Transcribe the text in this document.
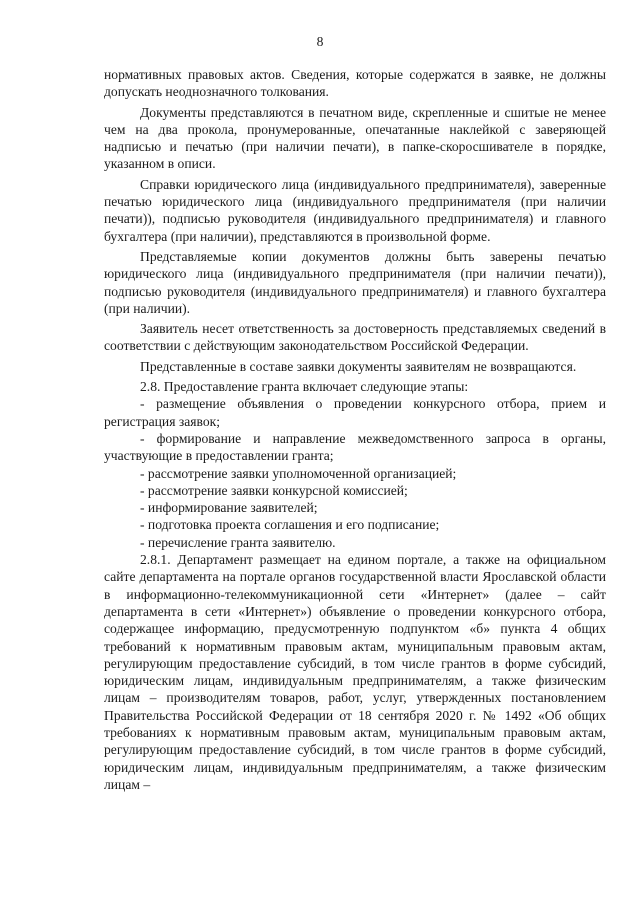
8

нормативных правовых актов. Сведения, которые содержатся в заявке, не должны допускать неоднозначного толкования.

Документы представляются в печатном виде, скрепленные и сшитые не менее чем на два прокола, пронумерованные, опечатанные наклейкой с заверяющей надписью и печатью (при наличии печати), в папке-скоросшивателе в порядке, указанном в описи.

Справки юридического лица (индивидуального предпринимателя), заверенные печатью юридического лица (индивидуального предпринимателя (при наличии печати)), подписью руководителя (индивидуального предпринимателя) и главного бухгалтера (при наличии), представляются в произвольной форме.

Представляемые копии документов должны быть заверены печатью юридического лица (индивидуального предпринимателя (при наличии печати)), подписью руководителя (индивидуального предпринимателя) и главного бухгалтера (при наличии).

Заявитель несет ответственность за достоверность представляемых сведений в соответствии с действующим законодательством Российской Федерации.

Представленные в составе заявки документы заявителям не возвращаются.

2.8. Предоставление гранта включает следующие этапы:

- размещение объявления о проведении конкурсного отбора, прием и регистрация заявок;

- формирование и направление межведомственного запроса в органы, участвующие в предоставлении гранта;

- рассмотрение заявки уполномоченной организацией;

- рассмотрение заявки конкурсной комиссией;

- информирование заявителей;

- подготовка проекта соглашения и его подписание;

- перечисление гранта заявителю.

2.8.1. Департамент размещает на едином портале, а также на официальном сайте департамента на портале органов государственной власти Ярославской области в информационно-телекоммуникационной сети «Интернет» (далее – сайт департамента в сети «Интернет») объявление о проведении конкурсного отбора, содержащее информацию, предусмотренную подпунктом «б» пункта 4 общих требований к нормативным правовым актам, муниципальным правовым актам, регулирующим предоставление субсидий, в том числе грантов в форме субсидий, юридическим лицам, индивидуальным предпринимателям, а также физическим лицам – производителям товаров, работ, услуг, утвержденных постановлением Правительства Российской Федерации от 18 сентября 2020 г. № 1492 «Об общих требованиях к нормативным правовым актам, муниципальным правовым актам, регулирующим предоставление субсидий, в том числе грантов в форме субсидий, юридическим лицам, индивидуальным предпринимателям, а также физическим лицам –
